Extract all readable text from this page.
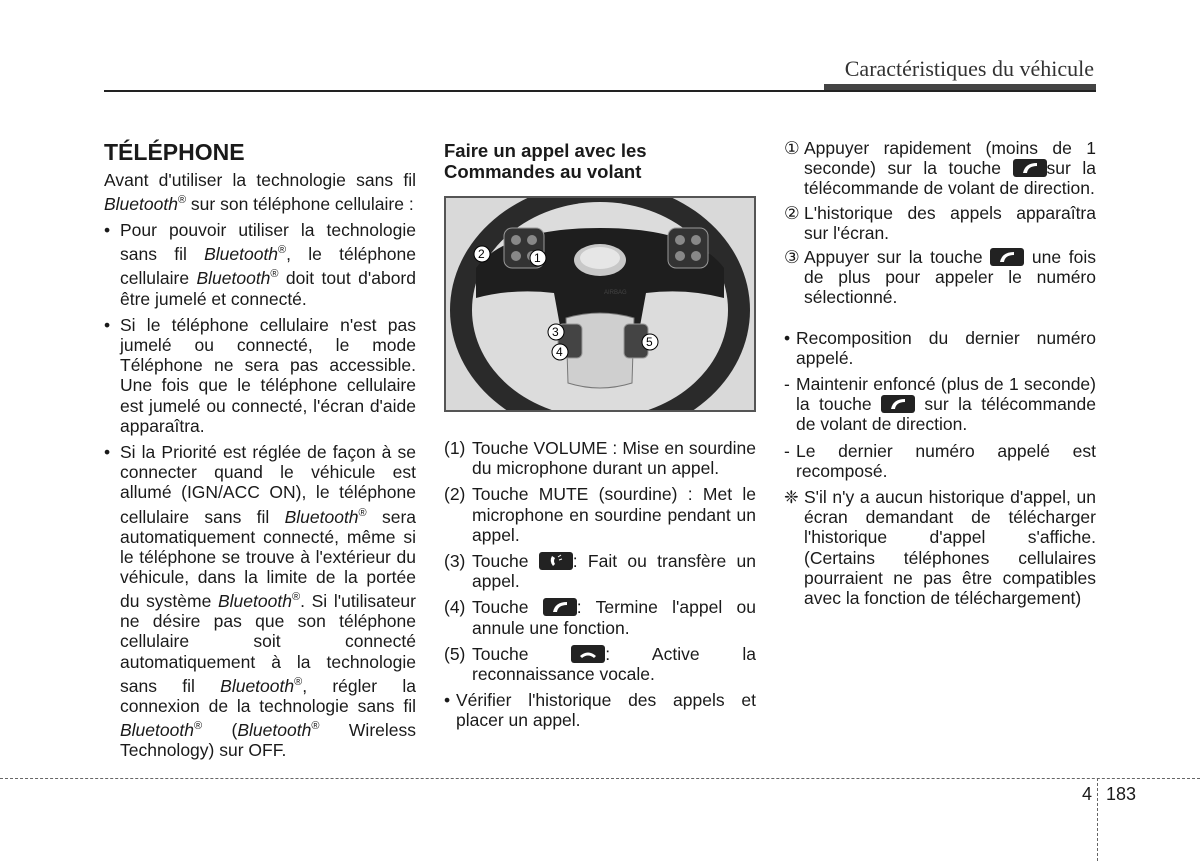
Caractéristiques du véhicule
TÉLÉPHONE

Avant d'utiliser la technologie sans fil Bluetooth® sur son téléphone cellulaire :

• Pour pouvoir utiliser la technologie sans fil Bluetooth®, le téléphone cellulaire Bluetooth® doit tout d'abord être jumelé et connecté.
• Si le téléphone cellulaire n'est pas jumelé ou connecté, le mode Téléphone ne sera pas accessible. Une fois que le téléphone cellulaire est jumelé ou connecté, l'écran d'aide apparaîtra.
• Si la Priorité est réglée de façon à se connecter quand le véhicule est allumé (IGN/ACC ON), le téléphone cellulaire sans fil Bluetooth® sera automatiquement connecté, même si le téléphone se trouve à l'extérieur du véhicule, dans la limite de la portée du système Bluetooth®. Si l'utilisateur ne désire pas que son téléphone cellulaire soit connecté automatiquement à la technologie sans fil Bluetooth®, régler la connexion de la technologie sans fil Bluetooth® (Bluetooth® Wireless Technology) sur OFF.
Faire un appel avec les Commandes au volant
AIRBAG
2	1
3
4
5
(1) Touche VOLUME : Mise en sourdine du microphone durant un appel.
(2) Touche MUTE (sourdine) : Met le microphone en sourdine pendant un appel.
(3) Touche
: Fait ou transfère un appel.
(4) Touche
: Termine l'appel ou annule une fonction.
(5) Touche
: Active la reconnaissance vocale.
• Vérifier l'historique des appels et placer un appel.
① Appuyer rapidement (moins de 1 seconde) sur la touche
sur la télécommande de volant de direction.
② L'historique des appels apparaîtra sur l'écran.
③ Appuyer sur la touche
une fois de plus pour appeler le numéro sélectionné.
• Recomposition du dernier numéro appelé.
- Maintenir enfoncé (plus de 1 seconde) la touche
sur la télécommande de volant de direction.
- Le dernier numéro appelé est recomposé.
❈ S'il n'y a aucun historique d'appel, un écran demandant de télécharger l'historique d'appel s'affiche. (Certains téléphones cellulaires pourraient ne pas être compatibles avec la fonction de téléchargement)
4 183
